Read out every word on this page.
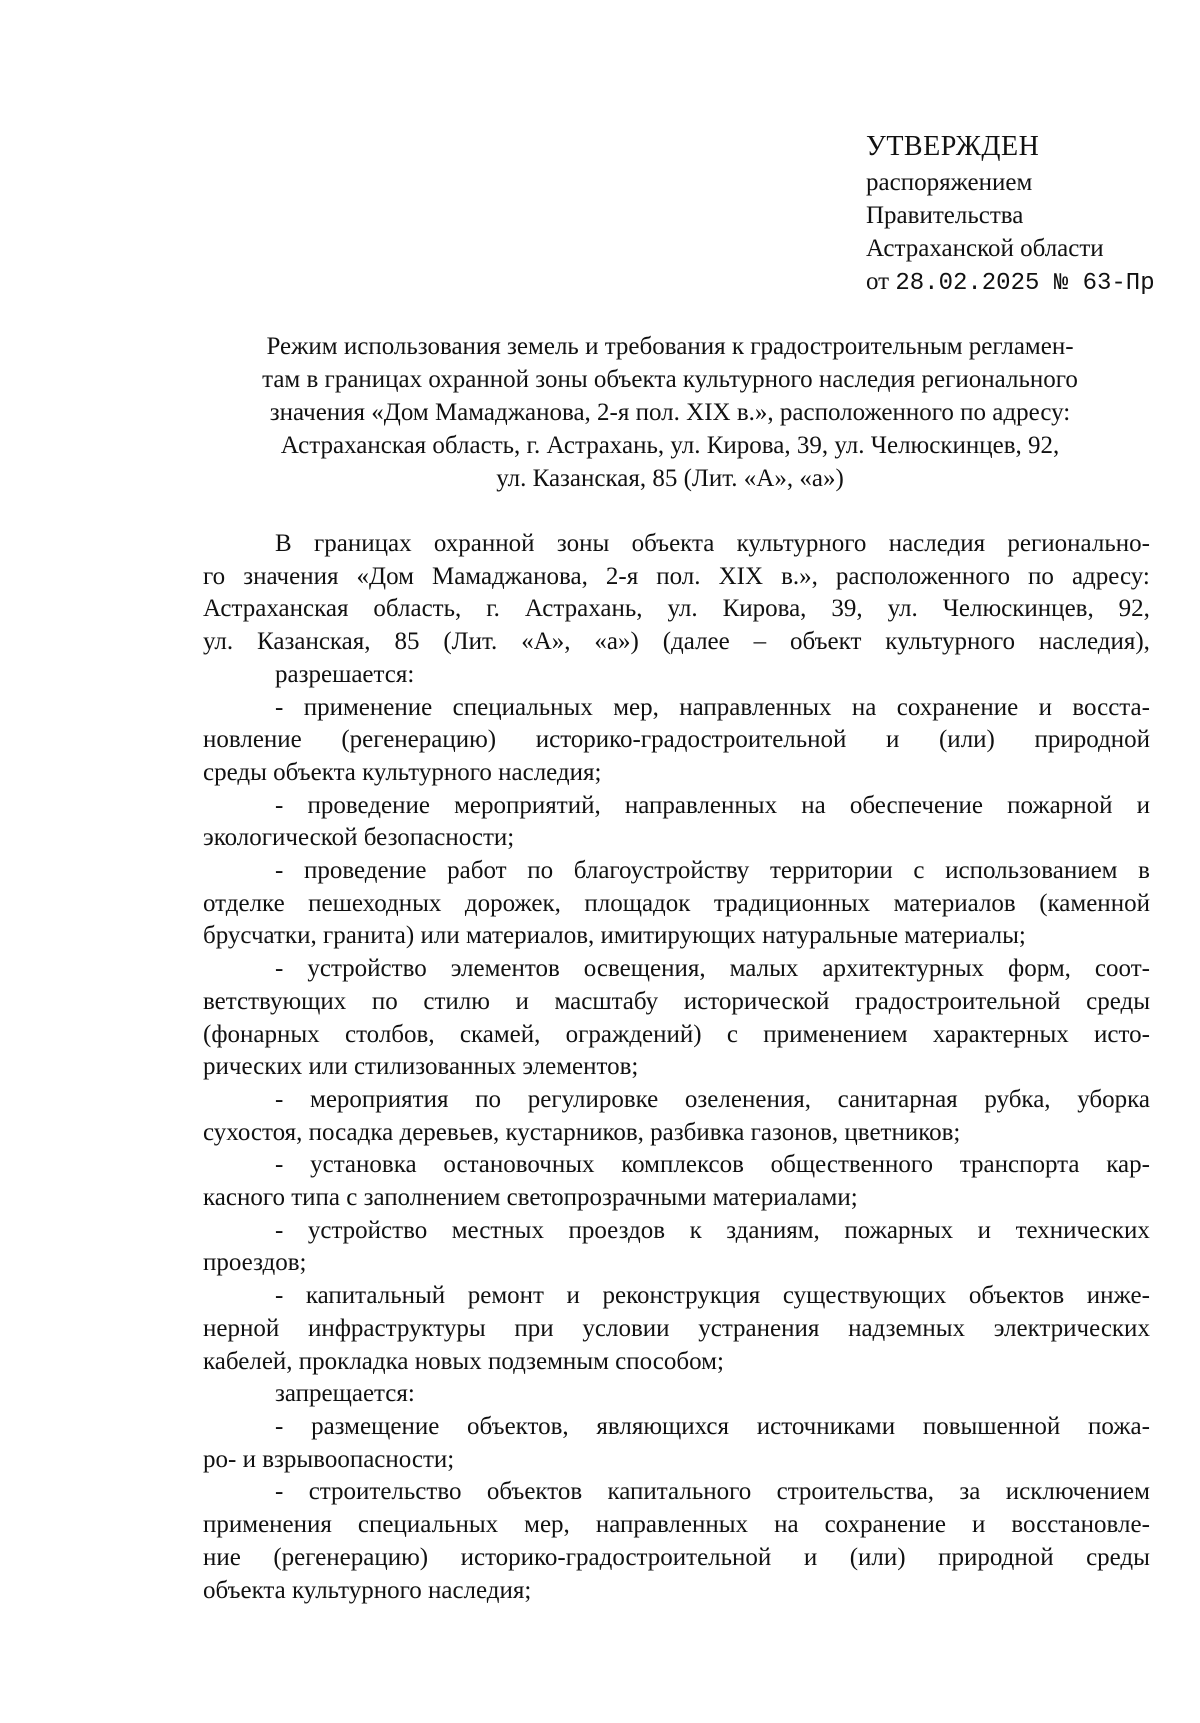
УТВЕРЖДЕН
распоряжением
Правительства
Астраханской области
от 28.02.2025 № 63-Пр
Режим использования земель и требования к градостроительным регламен-
там в границах охранной зоны объекта культурного наследия регионального
значения «Дом Мамаджанова, 2-я пол. XIX в.», расположенного по адресу:
Астраханская область, г. Астрахань, ул. Кирова, 39, ул. Челюскинцев, 92,
ул. Казанская, 85 (Лит. «А», «а»)
В границах охранной зоны объекта культурного наследия регионально-
го значения «Дом Мамаджанова, 2-я пол. XIX в.», расположенного по адресу:
Астраханская область, г. Астрахань, ул. Кирова, 39, ул. Челюскинцев, 92,
ул. Казанская, 85 (Лит. «А», «а») (далее – объект культурного наследия),
разрешается:
- применение специальных мер, направленных на сохранение и восста-
новление (регенерацию) историко-градостроительной и (или) природной
среды объекта культурного наследия;
- проведение мероприятий, направленных на обеспечение пожарной и
экологической безопасности;
- проведение работ по благоустройству территории с использованием в
отделке пешеходных дорожек, площадок традиционных материалов (каменной
брусчатки, гранита) или материалов, имитирующих натуральные материалы;
- устройство элементов освещения, малых архитектурных форм, соот-
ветствующих по стилю и масштабу исторической градостроительной среды
(фонарных столбов, скамей, ограждений) с применением характерных исто-
рических или стилизованных элементов;
- мероприятия по регулировке озеленения, санитарная рубка, уборка
сухостоя, посадка деревьев, кустарников, разбивка газонов, цветников;
- установка остановочных комплексов общественного транспорта кар-
касного типа с заполнением светопрозрачными материалами;
- устройство местных проездов к зданиям, пожарных и технических
проездов;
- капитальный ремонт и реконструкция существующих объектов инже-
нерной инфраструктуры при условии устранения надземных электрических
кабелей, прокладка новых подземным способом;
запрещается:
- размещение объектов, являющихся источниками повышенной пожа-
ро- и взрывоопасности;
- строительство объектов капитального строительства, за исключением
применения специальных мер, направленных на сохранение и восстановле-
ние (регенерацию) историко-градостроительной и (или) природной среды
объекта культурного наследия;
